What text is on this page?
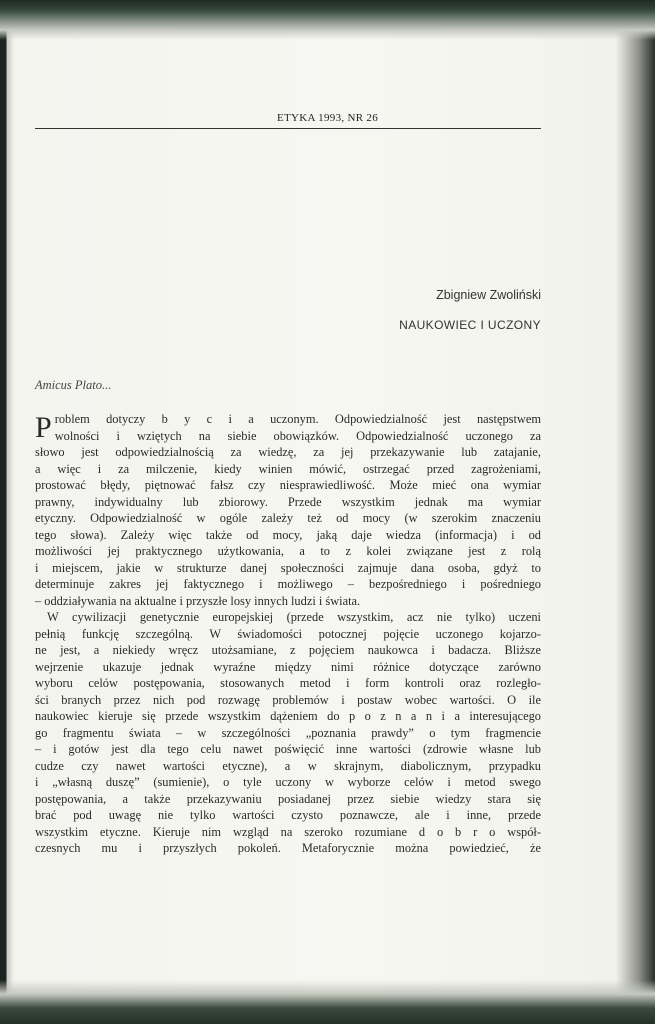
ETYKA 1993, NR 26
Zbigniew Zwoliński
NAUKOWIEC I UCZONY
Amicus Plato...
P roblem dotyczy b y c i a uczonym. Odpowiedzialność jest następstwem
wolności i wziętych na siebie obowiązków. Odpowiedzialność uczonego za
słowo jest odpowiedzialnością za wiedzę, za jej przekazywanie lub zatajanie,
a więc i za milczenie, kiedy winien mówić, ostrzegać przed zagrożeniami,
prostować błędy, piętnować fałsz czy niesprawiedliwość. Może mieć ona wymiar
prawny, indywidualny lub zbiorowy. Przede wszystkim jednak ma wymiar
etyczny. Odpowiedzialność w ogóle zależy też od mocy (w szerokim znaczeniu
tego słowa). Zależy więc także od mocy, jaką daje wiedza (informacja) i od
możliwości jej praktycznego użytkowania, a to z kolei związane jest z rolą
i miejscem, jakie w strukturze danej społeczności zajmuje dana osoba, gdyż to
determinuje zakres jej faktycznego i możliwego – bezpośredniego i pośredniego
– oddziaływania na aktualne i przyszłe losy innych ludzi i świata.
W cywilizacji genetycznie europejskiej (przede wszystkim, acz nie tylko) uczeni
pełnią funkcję szczególną. W świadomości potocznej pojęcie uczonego kojarzo-
ne jest, a niekiedy wręcz utożsamiane, z pojęciem naukowca i badacza. Bliższe
wejrzenie ukazuje jednak wyraźne między nimi różnice dotyczące zarówno
wyboru celów postępowania, stosowanych metod i form kontroli oraz rozległo-
ści branych przez nich pod rozwagę problemów i postaw wobec wartości. O ile
naukowiec kieruje się przede wszystkim dążeniem do p o z n a n i a interesującego
go fragmentu świata – w szczególności „poznania prawdy” o tym fragmencie
– i gotów jest dla tego celu nawet poświęcić inne wartości (zdrowie własne lub
cudze czy nawet wartości etyczne), a w skrajnym, diabolicznym, przypadku
i „własną duszę” (sumienie), o tyle uczony w wyborze celów i metod swego
postępowania, a także przekazywaniu posiadanej przez siebie wiedzy stara się
brać pod uwagę nie tylko wartości czysto poznawcze, ale i inne, przede
wszystkim etyczne. Kieruje nim wzgląd na szeroko rozumiane d o b r o współ-
czesnych mu i przyszłych pokoleń. Metaforycznie można powiedzieć, że
